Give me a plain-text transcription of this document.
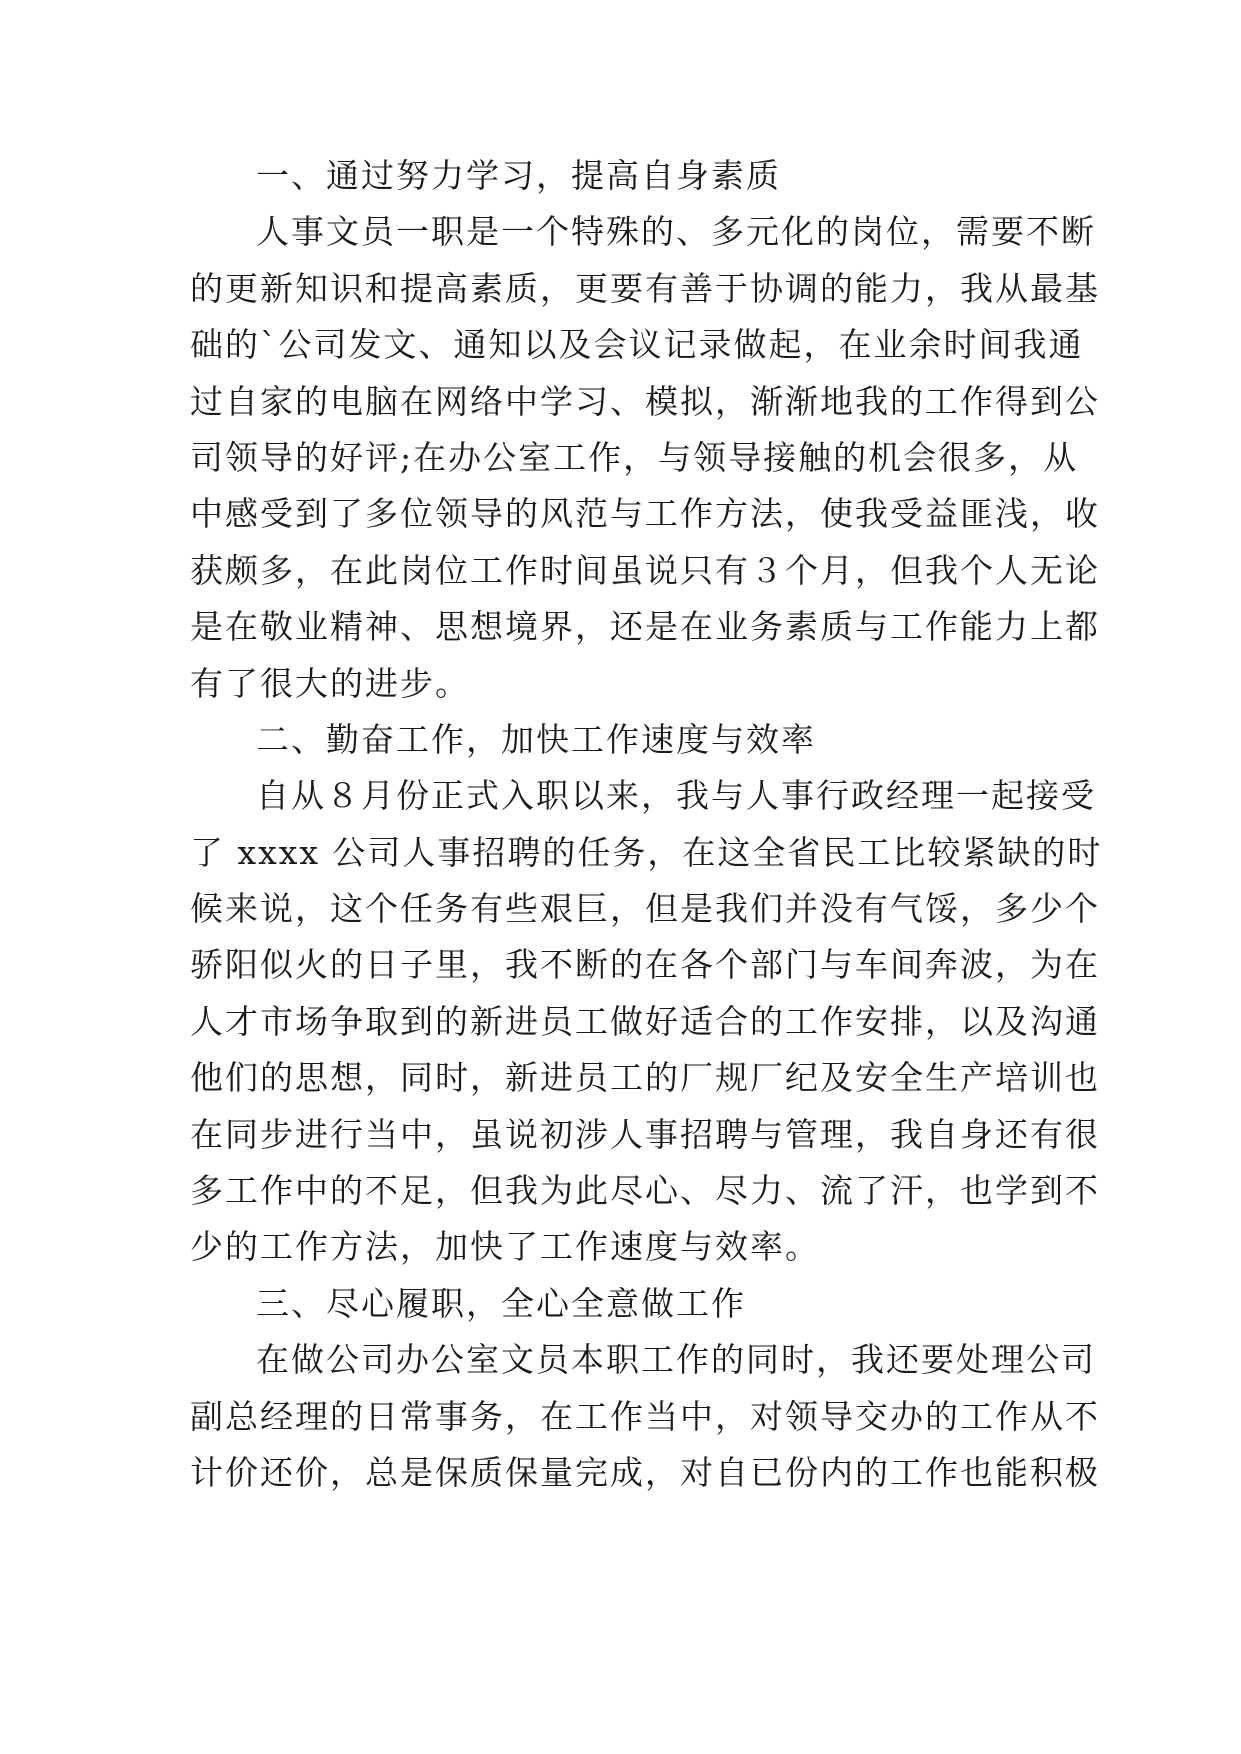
一、通过努力学习，提高自身素质
人事文员一职是一个特殊的、多元化的岗位，需要不断
的更新知识和提高素质，更要有善于协调的能力，我从最基
础的`公司发文、通知以及会议记录做起，在业余时间我通
过自家的电脑在网络中学习、模拟，渐渐地我的工作得到公
司领导的好评;在办公室工作，与领导接触的机会很多，从
中感受到了多位领导的风范与工作方法，使我受益匪浅，收
获颇多，在此岗位工作时间虽说只有３个月，但我个人无论
是在敬业精神、思想境界，还是在业务素质与工作能力上都
有了很大的进步。
二、勤奋工作，加快工作速度与效率
自从８月份正式入职以来，我与人事行政经理一起接受
了 xxxx 公司人事招聘的任务，在这全省民工比较紧缺的时
候来说，这个任务有些艰巨，但是我们并没有气馁，多少个
骄阳似火的日子里，我不断的在各个部门与车间奔波，为在
人才市场争取到的新进员工做好适合的工作安排，以及沟通
他们的思想，同时，新进员工的厂规厂纪及安全生产培训也
在同步进行当中，虽说初涉人事招聘与管理，我自身还有很
多工作中的不足，但我为此尽心、尽力、流了汗，也学到不
少的工作方法，加快了工作速度与效率。
三、尽心履职，全心全意做工作
在做公司办公室文员本职工作的同时，我还要处理公司
副总经理的日常事务，在工作当中，对领导交办的工作从不
计价还价，总是保质保量完成，对自已份内的工作也能积极
